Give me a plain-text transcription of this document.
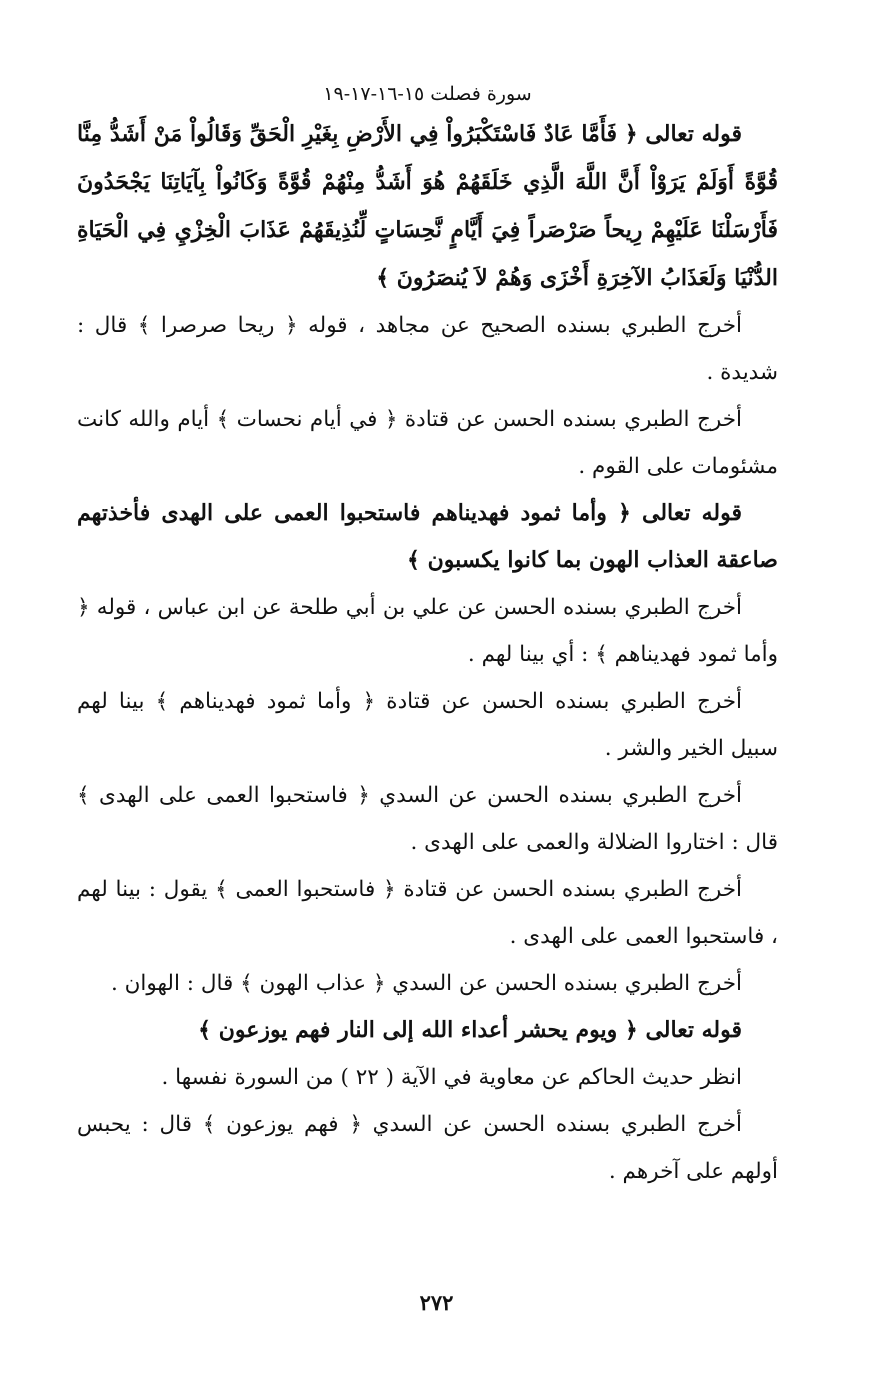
سورة فصلت ١٥-١٦-١٧-١٩
قوله تعالى ﴿ فَأَمَّا عَادٌ فَاسْتَكْبَرُواْ فِي الأَرْضِ بِغَيْرِ الْحَقِّ وَقَالُواْ مَنْ أَشَدُّ مِنَّا قُوَّةً أَوَلَمْ يَرَوْاْ أَنَّ اللَّهَ الَّذِي خَلَقَهُمْ هُوَ أَشَدُّ مِنْهُمْ قُوَّةً وَكَانُواْ بِآيَاتِنَا يَجْحَدُونَ فَأَرْسَلْنَا عَلَيْهِمْ رِيحاً صَرْصَراً فِيَ أَيَّامٍ نَّحِسَاتٍ لِّنُذِيقَهُمْ عَذَابَ الْخِزْيِ فِي الْحَيَاةِ الدُّنْيَا وَلَعَذَابُ الآخِرَةِ أَخْزَى وَهُمْ لاَ يُنصَرُونَ ﴾
أخرج الطبري بسنده الصحيح عن مجاهد ، قوله ﴿ ريحا صرصرا ﴾ قال : شديدة .
أخرج الطبري بسنده الحسن عن قتادة ﴿ في أيام نحسات ﴾ أيام والله كانت مشئومات على القوم .
قوله تعالى ﴿ وأما ثمود فهديناهم فاستحبوا العمى على الهدى فأخذتهم صاعقة العذاب الهون بما كانوا يكسبون ﴾
أخرج الطبري بسنده الحسن عن علي بن أبي طلحة عن ابن عباس ، قوله ﴿ وأما ثمود فهديناهم ﴾ : أي بينا لهم .
أخرج الطبري بسنده الحسن عن قتادة ﴿ وأما ثمود فهديناهم ﴾ بينا لهم سبيل الخير والشر .
أخرج الطبري بسنده الحسن عن السدي ﴿ فاستحبوا العمى على الهدى ﴾ قال : اختاروا الضلالة والعمى على الهدى .
أخرج الطبري بسنده الحسن عن قتادة ﴿ فاستحبوا العمى ﴾ يقول : بينا لهم ، فاستحبوا العمى على الهدى .
أخرج الطبري بسنده الحسن عن السدي ﴿ عذاب الهون ﴾ قال : الهوان .
قوله تعالى ﴿ ويوم يحشر أعداء الله إلى النار فهم يوزعون ﴾
انظر حديث الحاكم عن معاوية في الآية ( ٢٢ ) من السورة نفسها .
أخرج الطبري بسنده الحسن عن السدي ﴿ فهم يوزعون ﴾ قال : يحبس أولهم على آخرهم .
٢٧٢
